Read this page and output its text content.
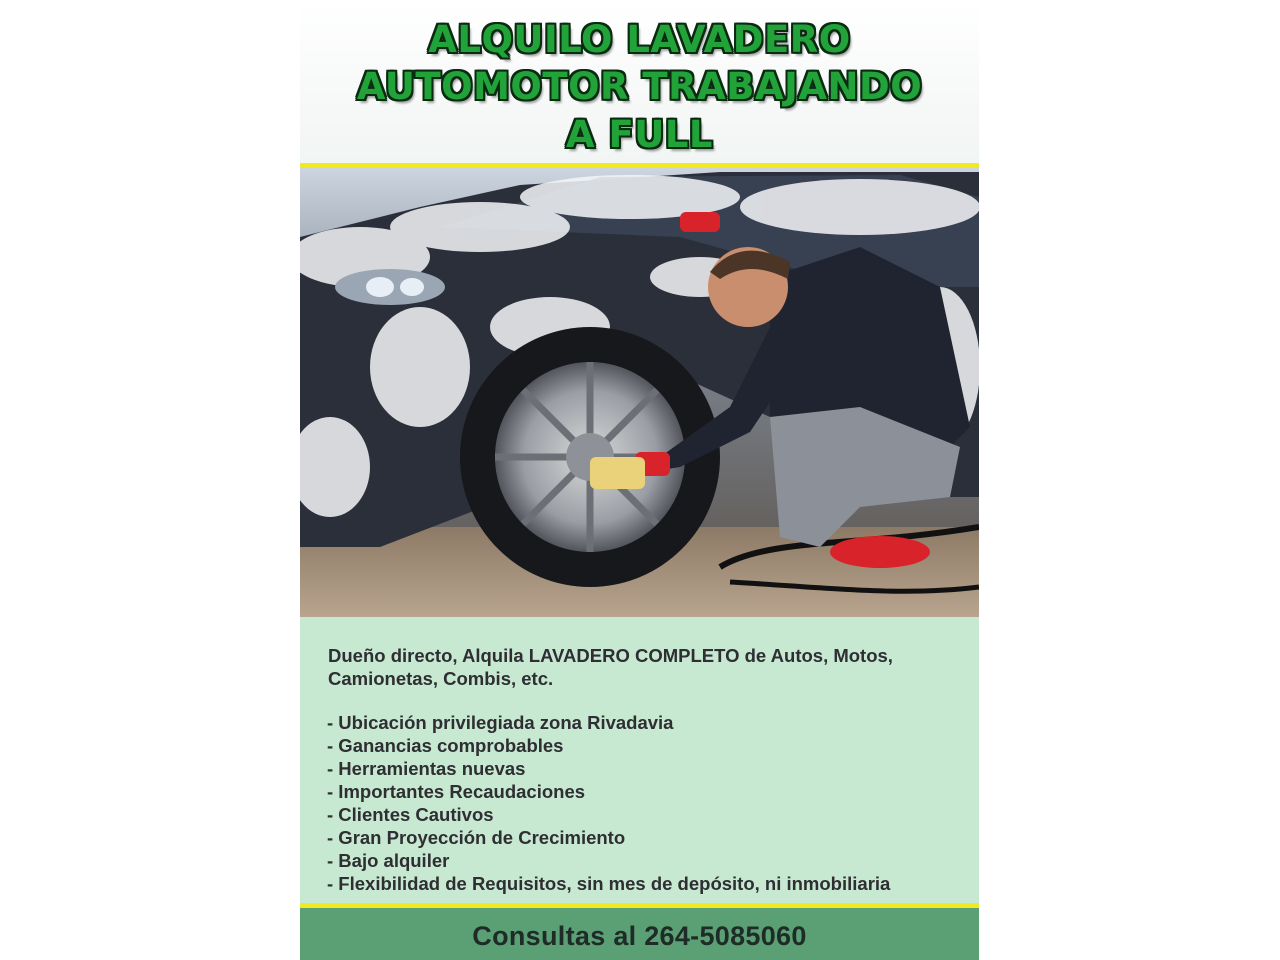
ALQUILO LAVADERO
AUTOMOTOR TRABAJANDO
A FULL
Dueño directo, Alquila LAVADERO COMPLETO de Autos, Motos, Camionetas, Combis, etc.
- Ubicación privilegiada zona Rivadavia
- Ganancias comprobables
- Herramientas nuevas
- Importantes Recaudaciones
- Clientes Cautivos
- Gran Proyección de Crecimiento
- Bajo alquiler
- Flexibilidad de Requisitos, sin mes de depósito, ni inmobiliaria
Consultas al 264-5085060
